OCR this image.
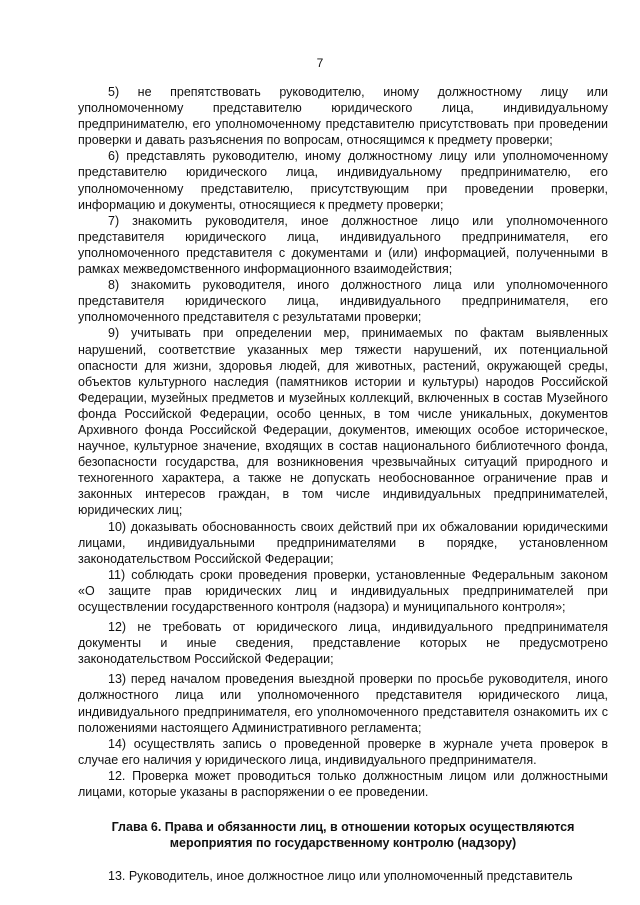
7

5) не препятствовать руководителю, иному должностному лицу или уполномоченному представителю юридического лица, индивидуальному предпринимателю, его уполномоченному представителю присутствовать при проведении проверки и давать разъяснения по вопросам, относящимся к предмету проверки;

6) представлять руководителю, иному должностному лицу или уполномоченному представителю юридического лица, индивидуальному предпринимателю, его уполномоченному представителю, присутствующим при проведении проверки, информацию и документы, относящиеся к предмету проверки;

7) знакомить руководителя, иное должностное лицо или уполномоченного представителя юридического лица, индивидуального предпринимателя, его уполномоченного представителя с документами и (или) информацией, полученными в рамках межведомственного информационного взаимодействия;

8) знакомить руководителя, иного должностного лица или уполномоченного представителя юридического лица, индивидуального предпринимателя, его уполномоченного представителя с результатами проверки;

9) учитывать при определении мер, принимаемых по фактам выявленных нарушений, соответствие указанных мер тяжести нарушений, их потенциальной опасности для жизни, здоровья людей, для животных, растений, окружающей среды, объектов культурного наследия (памятников истории и культуры) народов Российской Федерации, музейных предметов и музейных коллекций, включенных в состав Музейного фонда Российской Федерации, особо ценных, в том числе уникальных, документов Архивного фонда Российской Федерации, документов, имеющих особое историческое, научное, культурное значение, входящих в состав национального библиотечного фонда, безопасности государства, для возникновения чрезвычайных ситуаций природного и техногенного характера, а также не допускать необоснованное ограничение прав и законных интересов граждан, в том числе индивидуальных предпринимателей, юридических лиц;

10) доказывать обоснованность своих действий при их обжаловании юридическими лицами, индивидуальными предпринимателями в порядке, установленном законодательством Российской Федерации;

11) соблюдать сроки проведения проверки, установленные Федеральным законом «О защите прав юридических лиц и индивидуальных предпринимателей при осуществлении государственного контроля (надзора) и муниципального контроля»;

12) не требовать от юридического лица, индивидуального предпринимателя документы и иные сведения, представление которых не предусмотрено законодательством Российской Федерации;

13) перед началом проведения выездной проверки по просьбе руководителя, иного должностного лица или уполномоченного представителя юридического лица, индивидуального предпринимателя, его уполномоченного представителя ознакомить их с положениями настоящего Административного регламента;

14) осуществлять запись о проведенной проверке в журнале учета проверок в случае его наличия у юридического лица, индивидуального предпринимателя.

12. Проверка может проводиться только должностным лицом или должностными лицами, которые указаны в распоряжении о ее проведении.

Глава 6. Права и обязанности лиц, в отношении которых осуществляются мероприятия по государственному контролю (надзору)

13. Руководитель, иное должностное лицо или уполномоченный представитель
